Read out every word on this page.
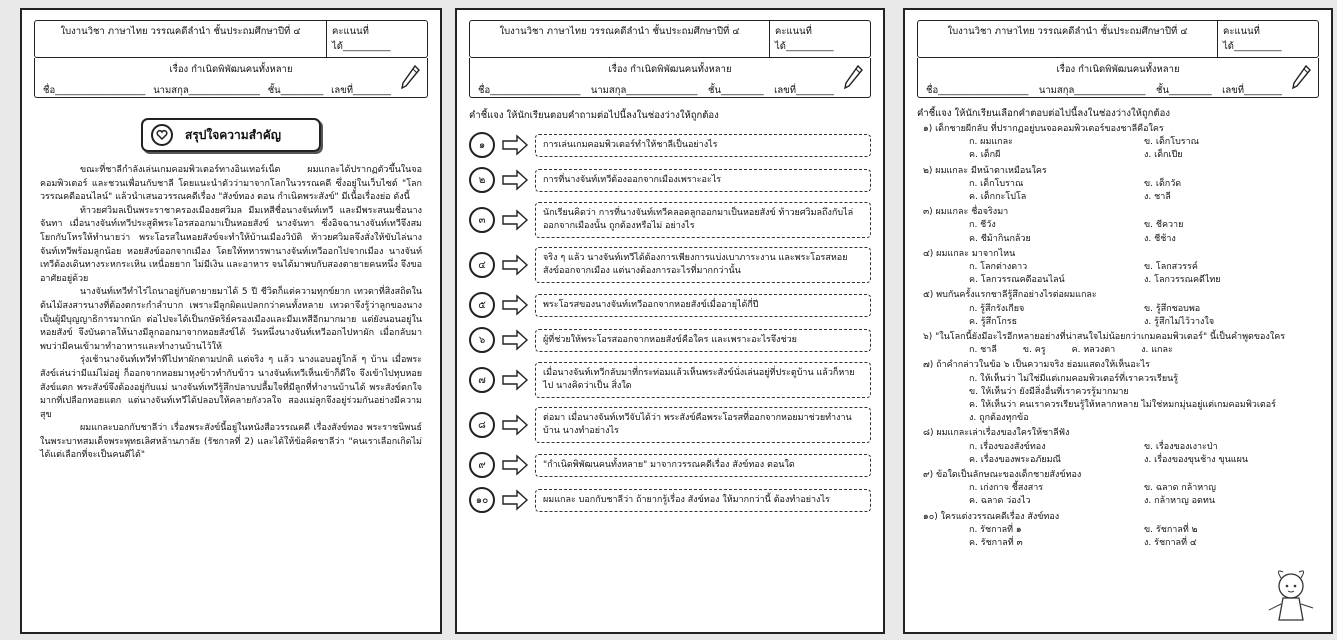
ใบงานวิชา ภาษาไทย วรรณคดีลำนำ ชั้นประถมศึกษาปีที่ ๔	คะแนนที่ได้__________
เรื่อง กำเนิดพิพัฒนคนทั้งหลาย
ชื่อ___________________ นามสกุล_______________ ชั้น_________ เลขที่________
สรุปใจความสำคัญ

ขณะที่ชาลีกำลังเล่นเกมคอมพิวเตอร์ทางอินเทอร์เน็ต ผมแกละได้ปรากฏตัวขึ้นในจอคอมพิวเตอร์ และชวนเพื่อนกับชาลี โดยแนะนำตัวว่ามาจากโลกในวรรณคดี ซึ่งอยู่ในเว็บไซต์ "โลกวรรณคดีออนไลน์" แล้วนำเสนอวรรณคดีเรื่อง "สังข์ทอง ตอน กำเนิดพระสังข์" มีเนื้อเรื่องย่อ ดังนี้

ท้าวยศวิมลเป็นพระราชาครองเมืองยศวิมล มีมเหสีชื่อนางจันท์เทวี และมีพระสนมชื่อนางจันทา เมื่อนางจันท์เทวีประสูติพระโอรสออกมาเป็นหอยสังข์ นางจันทา ซึ่งอิจฉานางจันท์เทวีจึงสมโยกกับโหรให้ทำนายว่า พระโอรสในหอยสังข์จะทำให้บ้านเมืองวิบัติ ท้าวยศวิมลจึงสั่งให้ขับไล่นางจันท์เทวีพร้อมลูกน้อย หอยสังข์ออกจากเมือง โดยให้ทหารพานางจันท์เทวีออกไปจากเมือง นางจันท์เทวีต้องเดินทางระหกระเหิน เหนื่อยยาก ไม่มีเงิน และอาหาร จนได้มาพบกับสองตายายคนหนึ่ง จึงขออาศัยอยู่ด้วย

นางจันท์เทวีทำไร่ไถนาอยู่กับตายายมาได้ 5 ปี ชีวิตก็แต่ความทุกข์ยาก เทวดาที่สิงสถิตในต้นไม้สงสารนางที่ต้องตกระกำลำบาก เพราะมีลูกผิดแปลกกว่าคนทั้งหลาย เทวดาจึงรู้ว่าลูกของนางเป็นผู้มีบุญญาธิการมากนัก ต่อไปจะได้เป็นกษัตริย์ครองเมืองและมีมเหสีอีกมากมาย แต่ยังนอนอยู่ในหอยสังข์ จึงบันดาลให้นางมีลูกออกมาจากหอยสังข์ได้ วันหนึ่งนางจันท์เทวีออกไปหาผัก เมื่อกลับมาพบว่ามีคนเข้ามาทำอาหารและทำงานบ้านไว้ให้

รุ่งเช้านางจันท์เทวีทำทีไปหาผักตามปกติ แต่จริง ๆ แล้ว นางแอบอยู่ใกล้ ๆ บ้าน เมื่อพระสังข์เล่นว่ามีแม่ไม่อยู่ ก็ออกจากหอยมาหุงข้าวทำกับข้าว นางจันท์เทวีเห็นเข้าก็ดีใจ จึงเข้าไปทุบหอยสังข์แตก พระสังข์จึงต้องอยู่กับแม่ นางจันท์เทวีรู้สึกปลาบปลื้มใจที่มีลูกที่ทำงานบ้านได้ พระสังข์ตกใจมากที่เปลือกหอยแตก แต่นางจันท์เทวีได้ปลอบให้คลายกังวลใจ สองแม่ลูกจึงอยู่ร่วมกันอย่างมีความสุข

ผมแกละบอกกับชาลีว่า เรื่องพระสังข์นี้อยู่ในหนังสือวรรณคดี เรื่องสังข์ทอง พระราชนิพนธ์ในพระบาทสมเด็จพระพุทธเลิศหล้านภาลัย (รัชกาลที่ 2) และได้ให้ข้อคิดชาลีว่า "คนเราเลือกเกิดไม่ได้แต่เลือกที่จะเป็นคนดีได้"

ใบงานวิชา ภาษาไทย วรรณคดีลำนำ ชั้นประถมศึกษาปีที่ ๔	คะแนนที่ได้__________
เรื่อง กำเนิดพิพัฒนคนทั้งหลาย
ชื่อ___________________ นามสกุล_______________ ชั้น_________ เลขที่________
คำชี้แจง ให้นักเรียนตอบคำถามต่อไปนี้ลงในช่องว่างให้ถูกต้อง
๑	การเล่นเกมคอมพิวเตอร์ทำให้ชาลีเป็นอย่างไร
๒	การที่นางจันท์เทวีต้องออกจากเมืองเพราะอะไร
๓
นักเรียนคิดว่า การที่นางจันท์เทวีคลอดลูกออกมาเป็นหอยสังข์ ท้าวยศวิมลถึงกับไล่ออกจากเมืองนั้น ถูกต้องหรือไม่ อย่างไร
๔
จริง ๆ แล้ว นางจันท์เทวีได้ต้องการเพียงการแบ่งเบาภาระงาน และพระโอรสหอยสังข์ออกจากเมือง แต่นางต้องการอะไรที่มากกว่านั้น
๕	พระโอรสของนางจันท์เทวีออกจากหอยสังข์เมื่ออายุได้กี่ปี
๖	ผู้ที่ช่วยให้พระโอรสออกจากหอยสังข์คือใคร และเพราะอะไรจึงช่วย
๗
เมื่อนางจันท์เทวีกลับมาที่กระท่อมแล้วเห็นพระสังข์นั่งเล่นอยู่ที่ประตูบ้าน แล้วก็หายไป นางคิดว่าเป็น สิ่งใด
๘
ต่อมา เมื่อนางจันท์เทวีจับได้ว่า พระสังข์คือพระโอรสที่ออกจากหอยมาช่วยทำงานบ้าน นางทำอย่างไร
๙	"กำเนิดพิพัฒนคนทั้งหลาย" มาจากวรรณคดีเรื่อง สังข์ทอง ตอนใด
๑๐	ผมแกละ บอกกับชาลีว่า ถ้ายากรู้เรื่อง สังข์ทอง ให้มากกว่านี้ ต้องทำอย่างไร
ใบงานวิชา ภาษาไทย วรรณคดีลำนำ ชั้นประถมศึกษาปีที่ ๔	คะแนนที่ได้__________
เรื่อง กำเนิดพิพัฒนคนทั้งหลาย
ชื่อ___________________ นามสกุล_______________ ชั้น_________ เลขที่________
คำชี้แจง ให้นักเรียนเลือกคำตอบต่อไปนี้ลงในช่องว่างให้ถูกต้อง
๑) เด็กชายผีกลับ ที่ปรากฏอยู่บนจอคอมพิวเตอร์ของชาลีคือใคร
ก. ผมแกละ	ข. เด็กโบราณ
ค. เด็กผี	ง. เด็กเปีย
๒) ผมแกละ มีหน้าตาเหมือนใคร
ก. เด็กโบราณ	ข. เด็กวัด
ค. เด็กกะโปโล	ง. ชาลี
๓) ผมแกละ ชื่อจริงมา
ก. ชีวัง	ข. ชีควาย
ค. ชีม้ากินกล้วย	ง. ชีช้าง
๔) ผมแกละ มาจากไหน
ก. โลกต่างดาว	ข. โลกสวรรค์
ค. โลกวรรณคดีออนไลน์	ง. โลกวรรณคดีไทย
๕) พบกันครั้งแรกชาลีรู้สึกอย่างไรต่อผมแกละ
ก. รู้สึกรังเกียจ	ข. รู้สึกชอบพอ
ค. รู้สึกโกรธ	ง. รู้สึกไม่ไว้วางใจ
๖) "ในโลกนี้ยังมีอะไรอีกหลายอย่างที่น่าสนใจไม่น้อยกว่าเกมคอมพิวเตอร์" นี้เป็นคำพูดของใคร
ก. ชาลี	ข. ครู	ค. หลวงตา	ง. แกละ
๗) ถ้าคำกล่าวในข้อ ๖ เป็นความจริง ย่อมแสดงให้เห็นอะไร
ก. ให้เห็นว่า ไม่ใช่มีแต่เกมคอมพิวเตอร์ที่เราควรเรียนรู้
ข. ให้เห็นว่า ยังมีสิ่งอื่นที่เราควรรู้มากมาย
ค. ให้เห็นว่า คนเราควรเรียนรู้ให้หลากหลาย ไม่ใช่หมกมุ่นอยู่แต่เกมคอมพิวเตอร์
ง. ถูกต้องทุกข้อ
๘) ผมแกละเล่าเรื่องของใครให้ชาลีฟัง
ก. เรื่องของสังข์ทอง	ข. เรื่องของเงาะป่า
ค. เรื่องของพระอภัยมณี	ง. เรื่องของขุนช้าง ขุนแผน
๙) ข้อใดเป็นลักษณะของเด็กชายสังข์ทอง
ก. เก่งกาจ ชี้สงสาร	ข. ฉลาด กล้าหาญ
ค. ฉลาด ว่องไว	ง. กล้าหาญ อดทน
๑๐) ใครแต่งวรรณคดีเรื่อง สังข์ทอง
ก. รัชกาลที่ ๑	ข. รัชกาลที่ ๒
ค. รัชกาลที่ ๓	ง. รัชกาลที่ ๔
